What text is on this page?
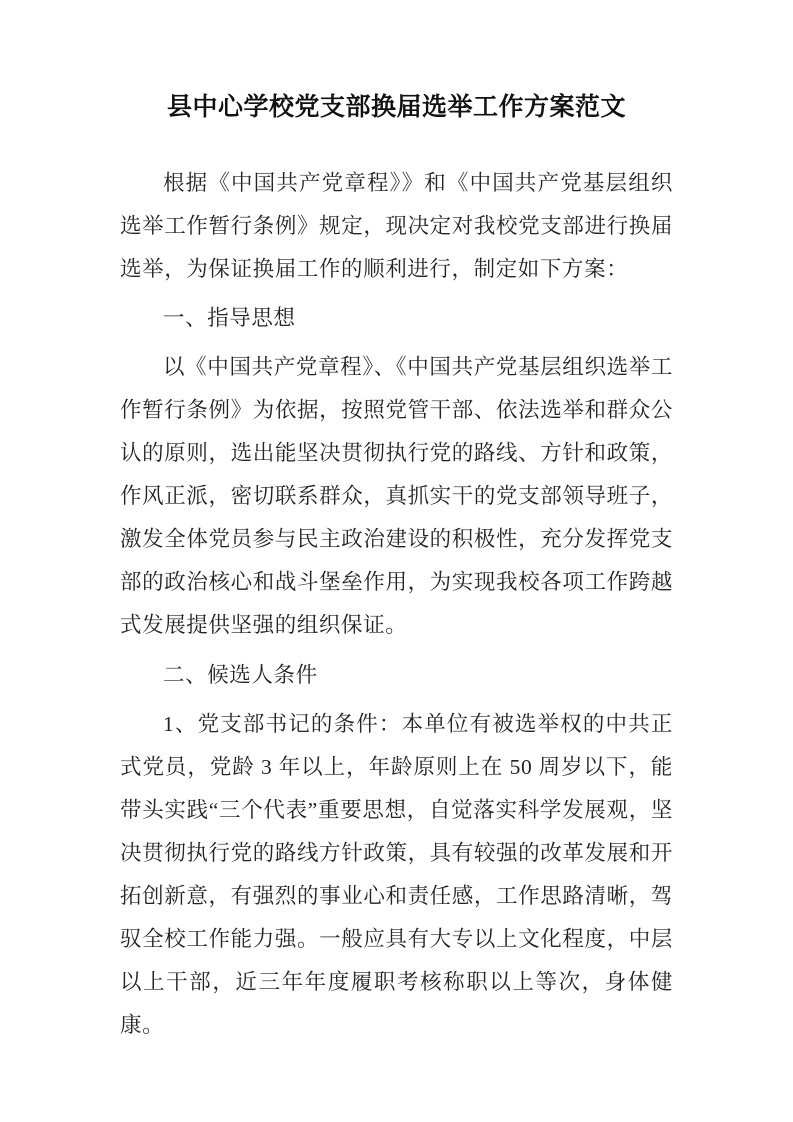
县中心学校党支部换届选举工作方案范文

根据《中国共产党章程》》和《中国共产党基层组织选举工作暂行条例》规定，现决定对我校党支部进行换届选举，为保证换届工作的顺利进行，制定如下方案：

一、指导思想

以《中国共产党章程》、《中国共产党基层组织选举工作暂行条例》为依据，按照党管干部、依法选举和群众公认的原则，选出能坚决贯彻执行党的路线、方针和政策，作风正派，密切联系群众，真抓实干的党支部领导班子，激发全体党员参与民主政治建设的积极性，充分发挥党支部的政治核心和战斗堡垒作用，为实现我校各项工作跨越式发展提供坚强的组织保证。

二、候选人条件

1、党支部书记的条件：本单位有被选举权的中共正式党员，党龄 3 年以上，年龄原则上在 50 周岁以下，能带头实践“三个代表”重要思想，自觉落实科学发展观，坚决贯彻执行党的路线方针政策，具有较强的改革发展和开拓创新意，有强烈的事业心和责任感，工作思路清晰，驾驭全校工作能力强。一般应具有大专以上文化程度，中层以上干部，近三年年度履职考核称职以上等次，身体健康。
